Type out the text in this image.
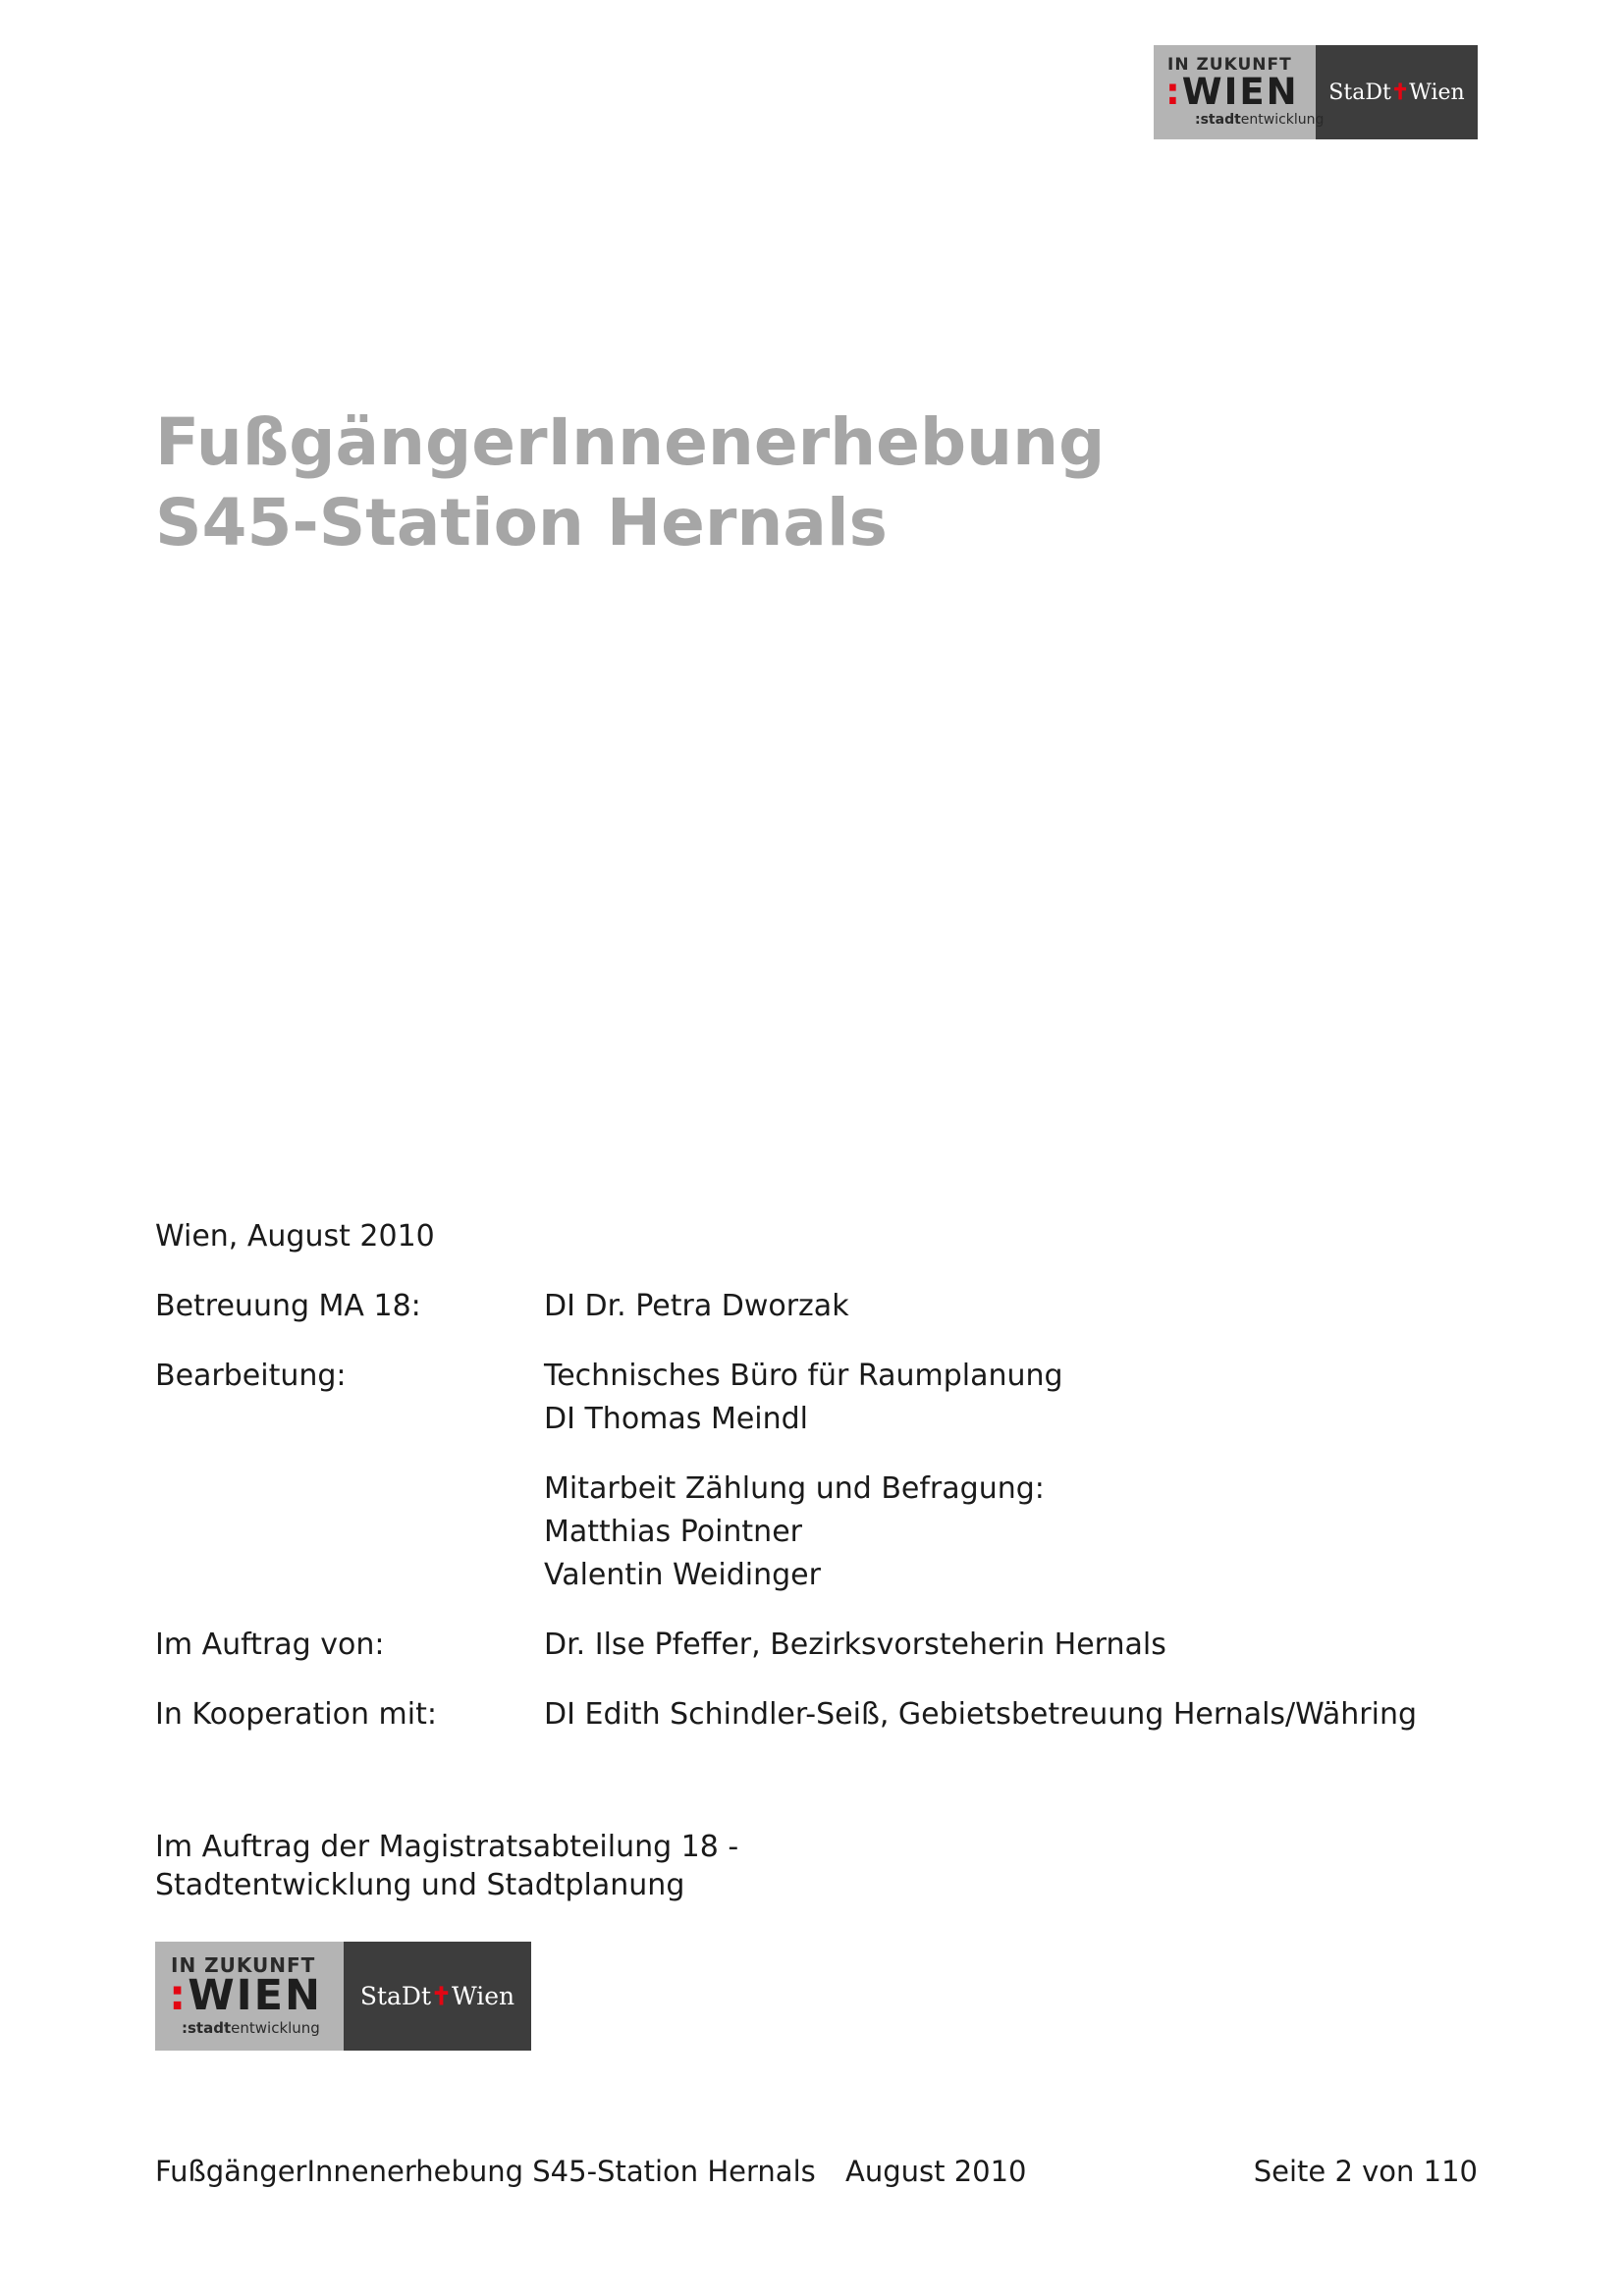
IN ZUKUNFT
:WIEN
:stadtentwicklung
StaDt ✝ Wien
FußgängerInnenerhebung
S45-Station Hernals

Wien, August 2010

Betreuung MA 18:	DI Dr. Petra Dworzak
Bearbeitung:	Technisches Büro für Raumplanung
DI Thomas Meindl
Mitarbeit Zählung und Befragung:
Matthias Pointner
Valentin Weidinger
Im Auftrag von:	Dr. Ilse Pfeffer, Bezirksvorsteherin Hernals
In Kooperation mit:	DI Edith Schindler-Seiß, Gebietsbetreuung Hernals/Währing
Im Auftrag der Magistratsabteilung 18 -
Stadtentwicklung und Stadtplanung
IN ZUKUNFT
:WIEN
:stadtentwicklung
StaDt ✝ Wien
FußgängerInnenerhebung S45-Station Hernals August 2010	Seite 2 von 110
